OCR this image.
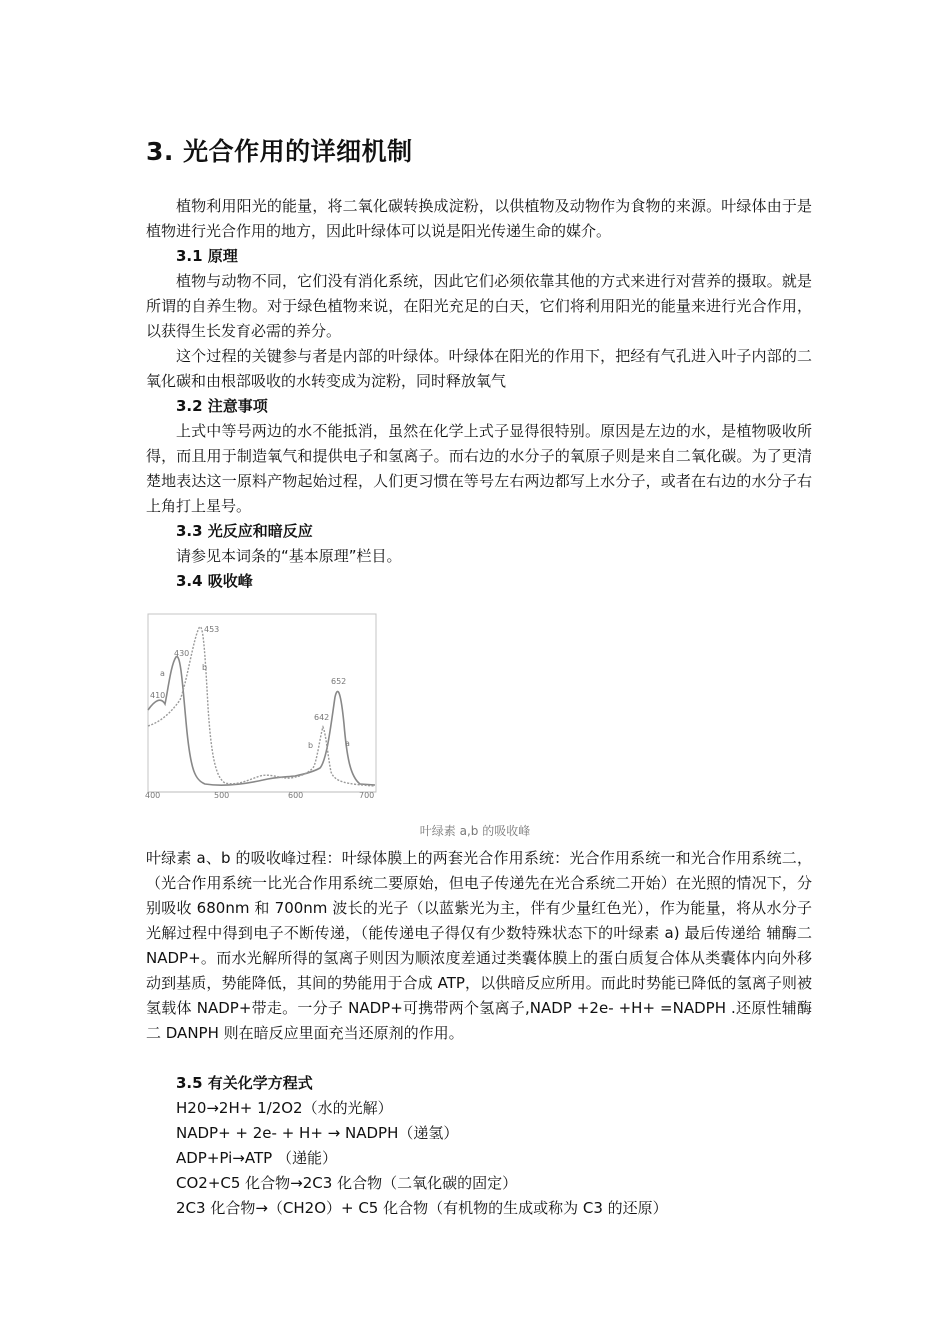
3. 光合作用的详细机制

植物利用阳光的能量，将二氧化碳转换成淀粉，以供植物及动物作为食物的来源。叶绿体由于是植物进行光合作用的地方，因此叶绿体可以说是阳光传递生命的媒介。

3.1 原理

植物与动物不同，它们没有消化系统，因此它们必须依靠其他的方式来进行对营养的摄取。就是所谓的自养生物。对于绿色植物来说，在阳光充足的白天，它们将利用阳光的能量来进行光合作用，以获得生长发育必需的养分。

这个过程的关键参与者是内部的叶绿体。叶绿体在阳光的作用下，把经有气孔进入叶子内部的二氧化碳和由根部吸收的水转变成为淀粉，同时释放氧气

3.2 注意事项

上式中等号两边的水不能抵消，虽然在化学上式子显得很特别。原因是左边的水，是植物吸收所得，而且用于制造氧气和提供电子和氢离子。而右边的水分子的氧原子则是来自二氧化碳。为了更清楚地表达这一原料产物起始过程，人们更习惯在等号左右两边都写上水分子，或者在右边的水分子右上角打上星号。

3.3 光反应和暗反应

请参见本词条的“基本原理”栏目。

3.4 吸收峰

430
453
410
642
652
a
b
a
b
400	500	600	700
叶绿素 a,b 的吸收峰

叶绿素 a、b 的吸收峰过程：叶绿体膜上的两套光合作用系统：光合作用系统一和光合作用系统二，（光合作用系统一比光合作用系统二要原始，但电子传递先在光合系统二开始）在光照的情况下，分别吸收 680nm 和 700nm 波长的光子（以蓝紫光为主，伴有少量红色光），作为能量，将从水分子光解过程中得到电子不断传递，（能传递电子得仅有少数特殊状态下的叶绿素 a) 最后传递给 辅酶二 NADP+。而水光解所得的氢离子则因为顺浓度差通过类囊体膜上的蛋白质复合体从类囊体内向外移动到基质，势能降低，其间的势能用于合成 ATP，以供暗反应所用。而此时势能已降低的氢离子则被氢载体 NADP+带走。一分子 NADP+可携带两个氢离子,NADP +2e- +H+ =NADPH .还原性辅酶二 DANPH 则在暗反应里面充当还原剂的作用。

3.5 有关化学方程式

H20→2H+ 1/2O2（水的光解）

NADP+ + 2e- + H+ → NADPH（递氢）

ADP+Pi→ATP （递能）

CO2+C5 化合物→2C3 化合物（二氧化碳的固定）

2C3 化合物→（CH2O）+ C5 化合物（有机物的生成或称为 C3 的还原）
